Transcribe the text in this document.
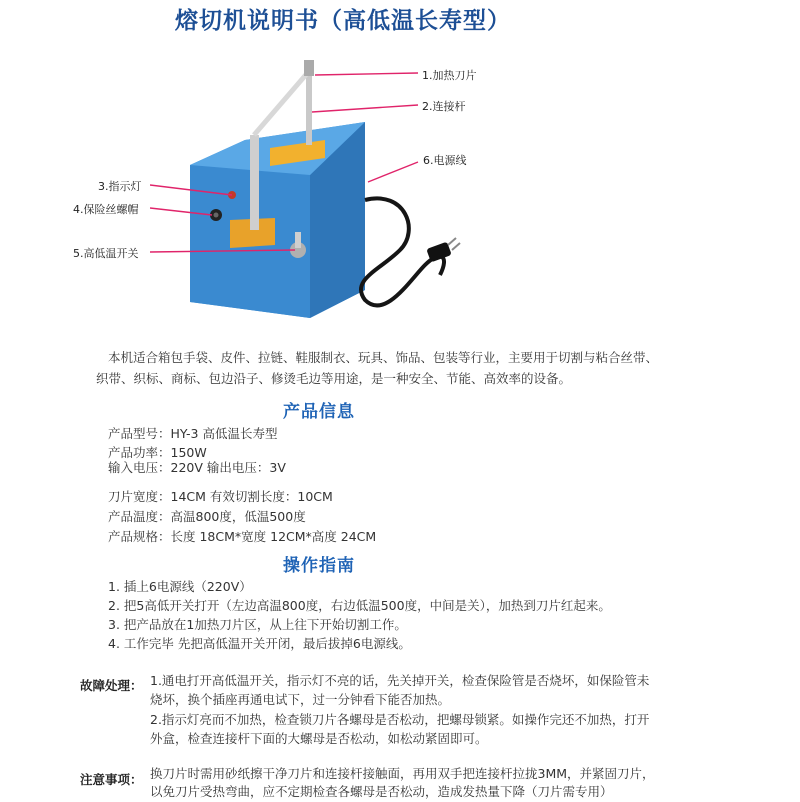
熔切机说明书（高低温长寿型）
1.加热刀片
2.连接杆
3.指示灯
4.保险丝螺帽
5.高低温开关
6.电源线
本机适合箱包手袋、皮件、拉链、鞋服制衣、玩具、饰品、包装等行业，主要用于切割与粘合丝带、
织带、织标、商标、包边沿子、修烫毛边等用途，是一种安全、节能、高效率的设备。
产品信息
产品型号：HY-3 高低温长寿型
产品功率：150W
输入电压：220V 输出电压：3V
刀片宽度：14CM 有效切割长度：10CM
产品温度：高温800度，低温500度
产品规格：长度 18CM*宽度 12CM*高度 24CM
操作指南
1. 插上6电源线（220V）
2. 把5高低开关打开（左边高温800度，右边低温500度，中间是关），加热到刀片红起来。
3. 把产品放在1加热刀片区，从上往下开始切割工作。
4. 工作完毕 先把高低温开关开闭，最后拔掉6电源线。
故障处理： 1.通电打开高低温开关，指示灯不亮的话，先关掉开关，检查保险管是否烧坏，如保险管未
烧坏，换个插座再通电试下，过一分钟看下能否加热。
2.指示灯亮而不加热，检查锁刀片各螺母是否松动，把螺母锁紧。如操作完还不加热，打开
外盒，检查连接杆下面的大螺母是否松动，如松动紧固即可。
注意事项： 换刀片时需用砂纸擦干净刀片和连接杆接触面，再用双手把连接杆拉拢3MM，并紧固刀片，
以免刀片受热弯曲，应不定期检查各螺母是否松动，造成发热量下降（刀片需专用）
